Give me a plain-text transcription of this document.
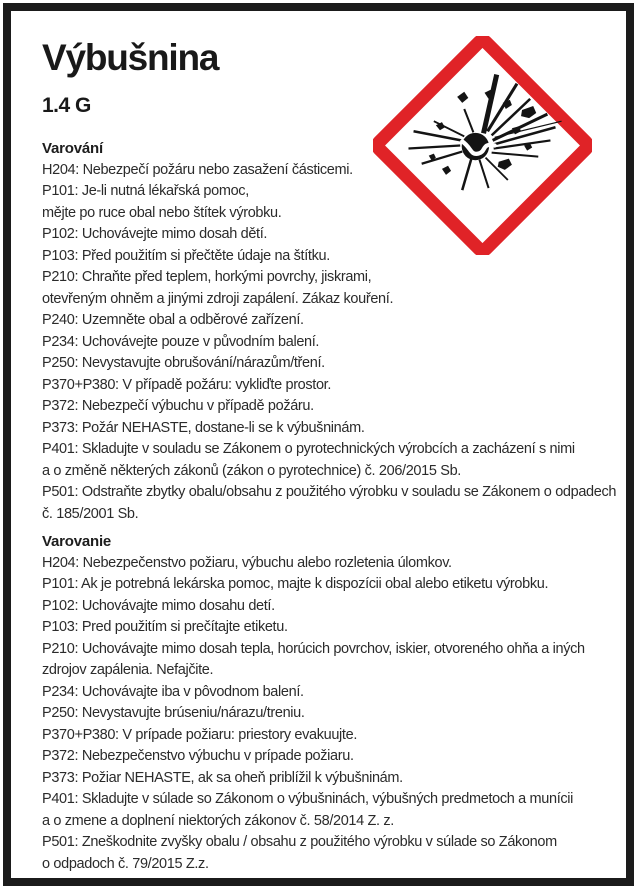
Výbušnina
1.4 G
Varování
H204: Nebezpečí požáru nebo zasažení částicemi.
P101: Je-li nutná lékařská pomoc,
mějte po ruce obal nebo štítek výrobku.
P102: Uchovávejte mimo dosah dětí.
P103: Před použitím si přečtěte údaje na štítku.
P210: Chraňte před teplem, horkými povrchy, jiskrami,
otevřeným ohněm a jinými zdroji zapálení. Zákaz kouření.
P240: Uzemněte obal a odběrové zařízení.
P234: Uchovávejte pouze v původním balení.
P250: Nevystavujte obrušování/nárazům/tření.
P370+P380: V případě požáru: vykliďte prostor.
P372: Nebezpečí výbuchu v případě požáru.
P373: Požár NEHASTE, dostane-li se k výbušninám.
P401: Skladujte v souladu se Zákonem o pyrotechnických výrobcích a zacházení s nimi
a o změně některých zákonů (zákon o pyrotechnice) č. 206/2015 Sb.
P501: Odstraňte zbytky obalu/obsahu z použitého výrobku v souladu se Zákonem o odpadech
č. 185/2001 Sb.
Varovanie
H204: Nebezpečenstvo požiaru, výbuchu alebo rozletenia úlomkov.
P101: Ak je potrebná lekárska pomoc, majte k dispozícii obal alebo etiketu výrobku.
P102: Uchovávajte mimo dosahu detí.
P103: Pred použitím si prečítajte etiketu.
P210: Uchovávajte mimo dosah tepla, horúcich povrchov, iskier, otvoreného ohňa a iných
zdrojov zapálenia. Nefajčite.
P234: Uchovávajte iba v pôvodnom balení.
P250: Nevystavujte brúseniu/nárazu/treniu.
P370+P380: V prípade požiaru: priestory evakuujte.
P372: Nebezpečenstvo výbuchu v prípade požiaru.
P373: Požiar NEHASTE, ak sa oheň priblížil k výbušninám.
P401: Skladujte v súlade so Zákonom o výbušninách, výbušných predmetoch a munícii
a o zmene a doplnení niektorých zákonov č. 58/2014 Z. z.
P501: Zneškodnite zvyšky obalu / obsahu z použitého výrobku v súlade so Zákonom
o odpadoch č. 79/2015 Z.z.
